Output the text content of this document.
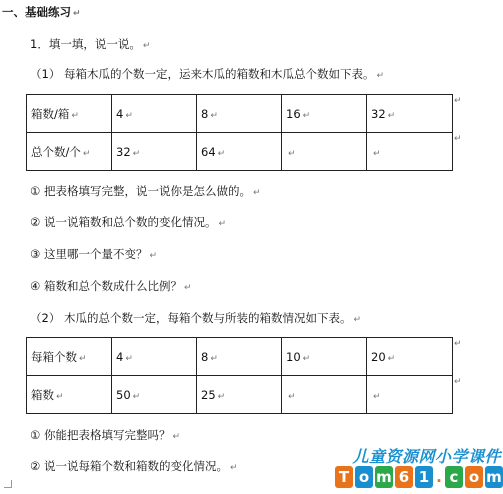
一、基础练习 ↵
1．填一填，说一说。 ↵
（1） 每箱木瓜的个数一定，运来木瓜的箱数和木瓜总个数如下表。 ↵
箱数/箱 ↵	4 ↵	8 ↵	16 ↵	32 ↵
总个数/个 ↵	32 ↵	64 ↵	↵	↵
↵
↵
① 把表格填写完整，说一说你是怎么做的。 ↵
② 说一说箱数和总个数的变化情况。 ↵
③ 这里哪一个量不变？ ↵
④ 箱数和总个数成什么比例？ ↵
（2） 木瓜的总个数一定，每箱个数与所装的箱数情况如下表。 ↵
每箱个数 ↵	4 ↵	8 ↵	10 ↵	20 ↵
箱数 ↵	50 ↵	25 ↵	↵	↵
↵
↵
① 你能把表格填写完整吗？ ↵
② 说一说每箱个数和箱数的变化情况。 ↵
儿童资源网小学课件
T o m 6 1 . c o m
